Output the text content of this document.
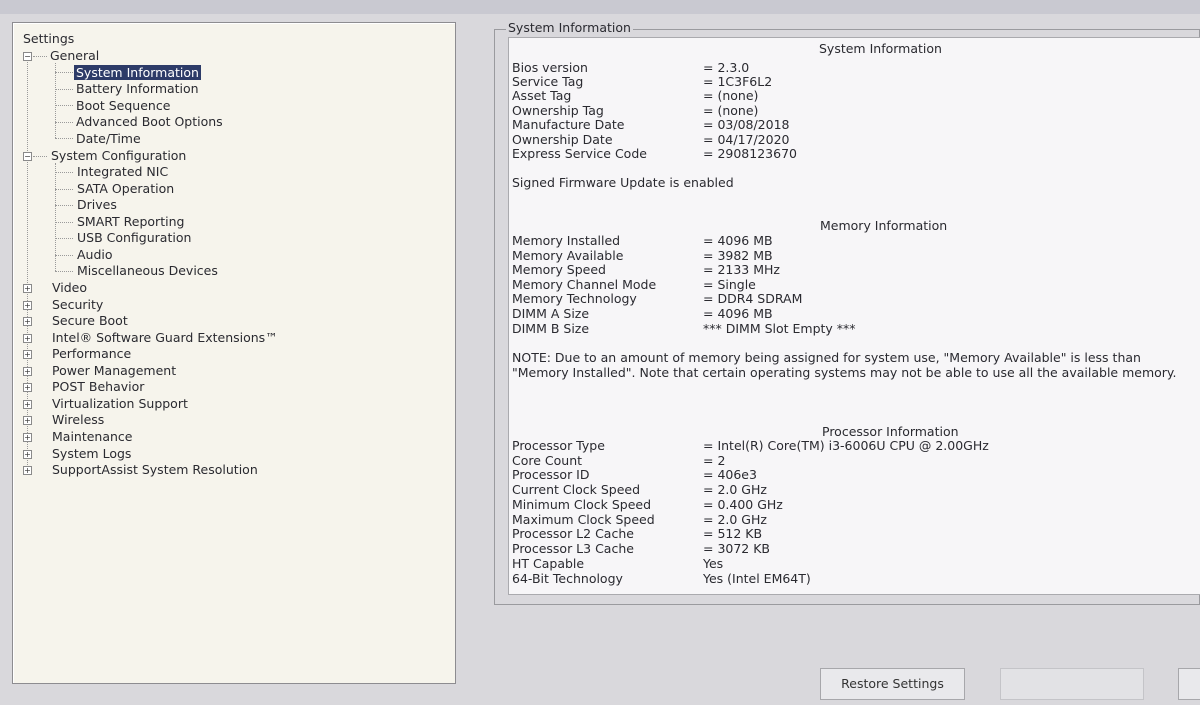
Settings
− General
System Information
Battery Information
Boot Sequence
Advanced Boot Options
Date/Time
− System Configuration
Integrated NIC
SATA Operation
Drives
SMART Reporting
USB Configuration
Audio
Miscellaneous Devices
+ Video
+ Security
+ Secure Boot
+ Intel® Software Guard Extensions™
+ Performance
+ Power Management
+ POST Behavior
+ Virtualization Support
+ Wireless
+ Maintenance
+ System Logs
+ SupportAssist System Resolution
System Information
System Information
Bios version	= 2.3.0
Service Tag	= 1C3F6L2
Asset Tag	= (none)
Ownership Tag	= (none)
Manufacture Date	= 03/08/2018
Ownership Date	= 04/17/2020
Express Service Code	= 2908123670
Signed Firmware Update is enabled
Memory Information
Memory Installed	= 4096 MB
Memory Available	= 3982 MB
Memory Speed	= 2133 MHz
Memory Channel Mode	= Single
Memory Technology	= DDR4 SDRAM
DIMM A Size	= 4096 MB
DIMM B Size	*** DIMM Slot Empty ***
NOTE: Due to an amount of memory being assigned for system use, "Memory Available" is less than "Memory Installed". Note that certain operating systems may not be able to use all the available memory.
Processor Information
Processor Type	= Intel(R) Core(TM) i3-6006U CPU @ 2.00GHz
Core Count	= 2
Processor ID	= 406e3
Current Clock Speed	= 2.0 GHz
Minimum Clock Speed	= 0.400 GHz
Maximum Clock Speed	= 2.0 GHz
Processor L2 Cache	= 512 KB
Processor L3 Cache	= 3072 KB
HT Capable	Yes
64-Bit Technology	Yes (Intel EM64T)
Restore Settings
